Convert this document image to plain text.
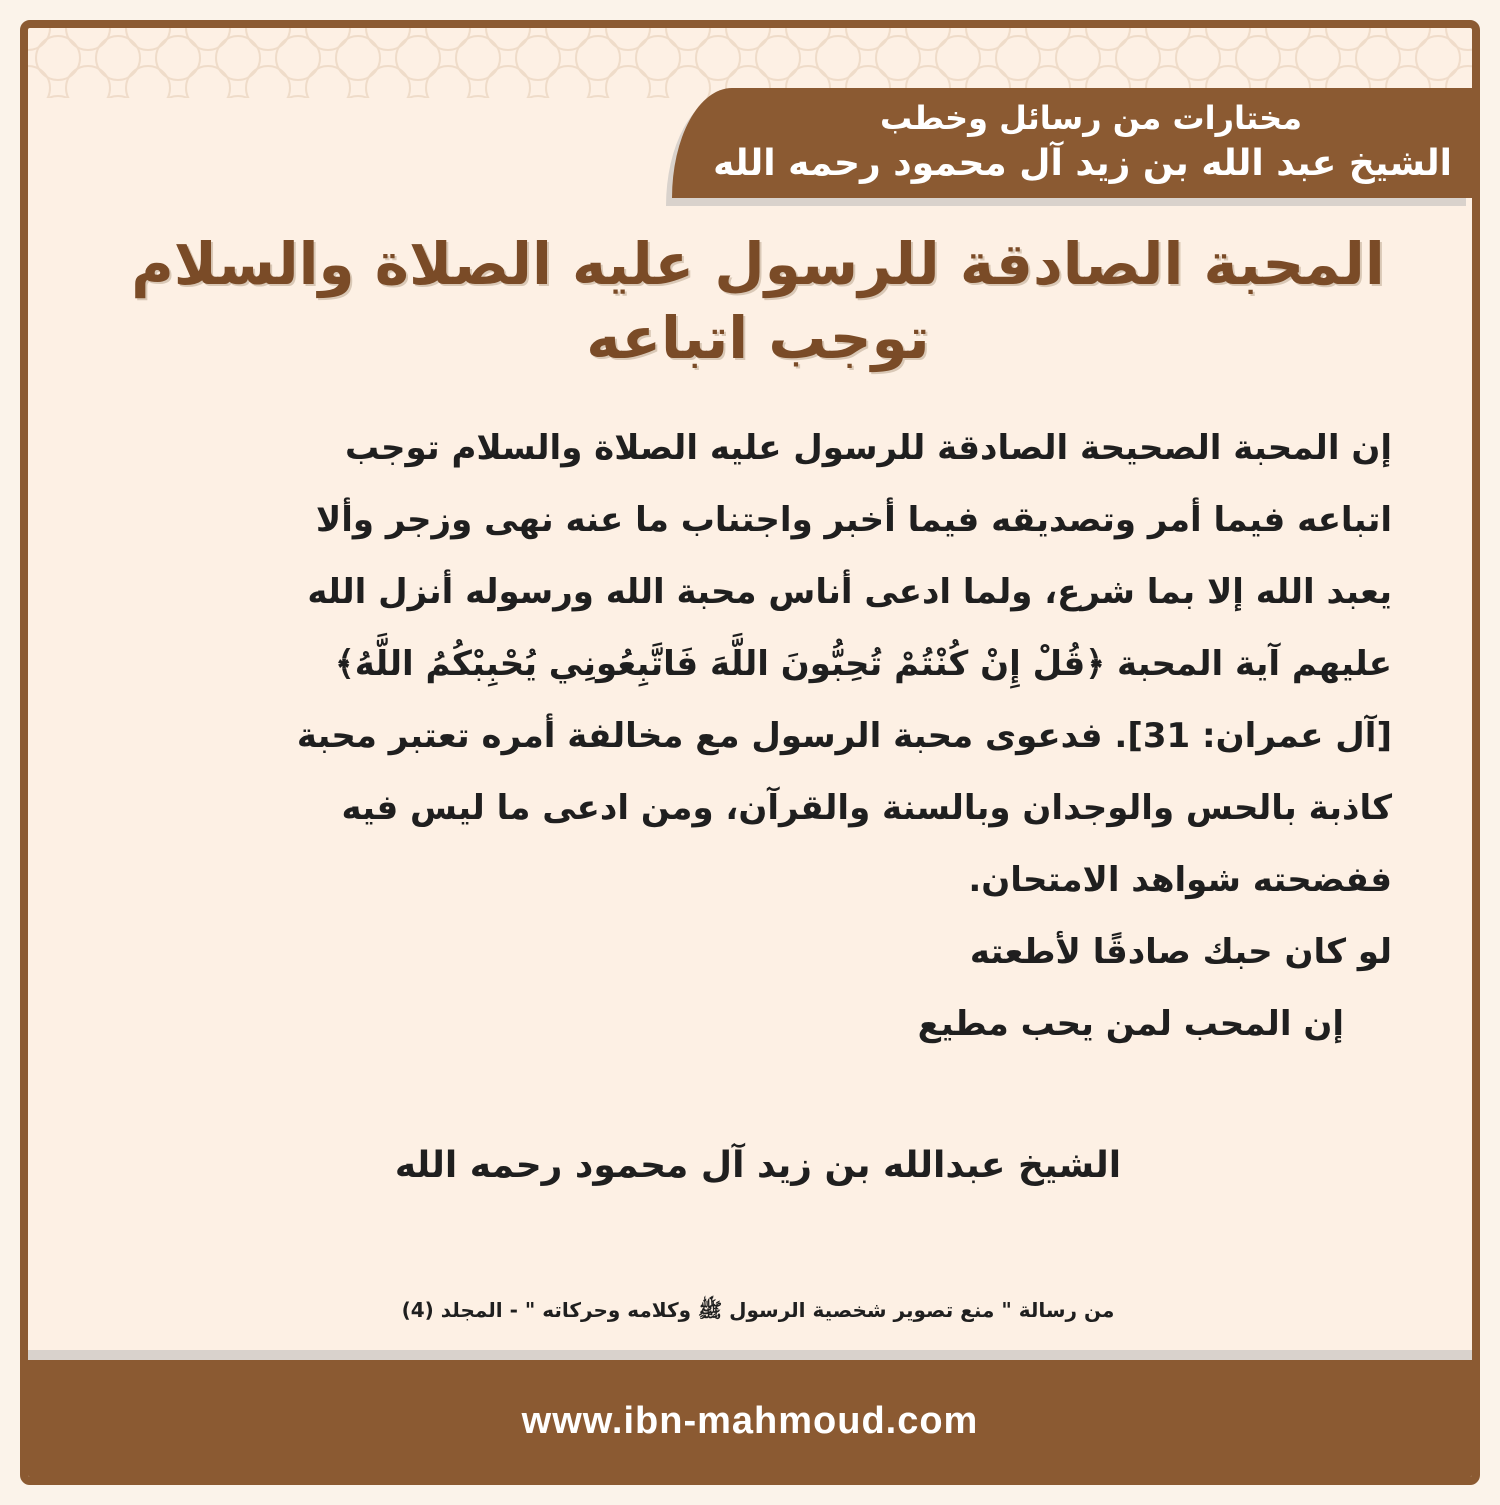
مختارات من رسائل وخطب
الشيخ عبد الله بن زيد آل محمود رحمه الله
المحبة الصادقة للرسول عليه الصلاة والسلام
توجب اتباعه
إن المحبة الصحيحة الصادقة للرسول عليه الصلاة والسلام توجب
اتباعه فيما أمر وتصديقه فيما أخبر واجتناب ما عنه نهى وزجر وألا
يعبد الله إلا بما شرع، ولما ادعى أناس محبة الله ورسوله أنزل الله
عليهم آية المحبة ﴿قُلْ إِنْ كُنْتُمْ تُحِبُّونَ اللَّهَ فَاتَّبِعُونِي يُحْبِبْكُمُ اللَّهُ﴾
[آل عمران: 31]. فدعوى محبة الرسول مع مخالفة أمره تعتبر محبة
كاذبة بالحس والوجدان وبالسنة والقرآن، ومن ادعى ما ليس فيه
ففضحته شواهد الامتحان.
لو كان حبك صادقًا لأطعته
إن المحب لمن يحب مطيع
الشيخ عبدالله بن زيد آل محمود رحمه الله
من رسالة " منع تصوير شخصية الرسول ﷺ وكلامه وحركاته " - المجلد (4)
www.ibn-mahmoud.com
